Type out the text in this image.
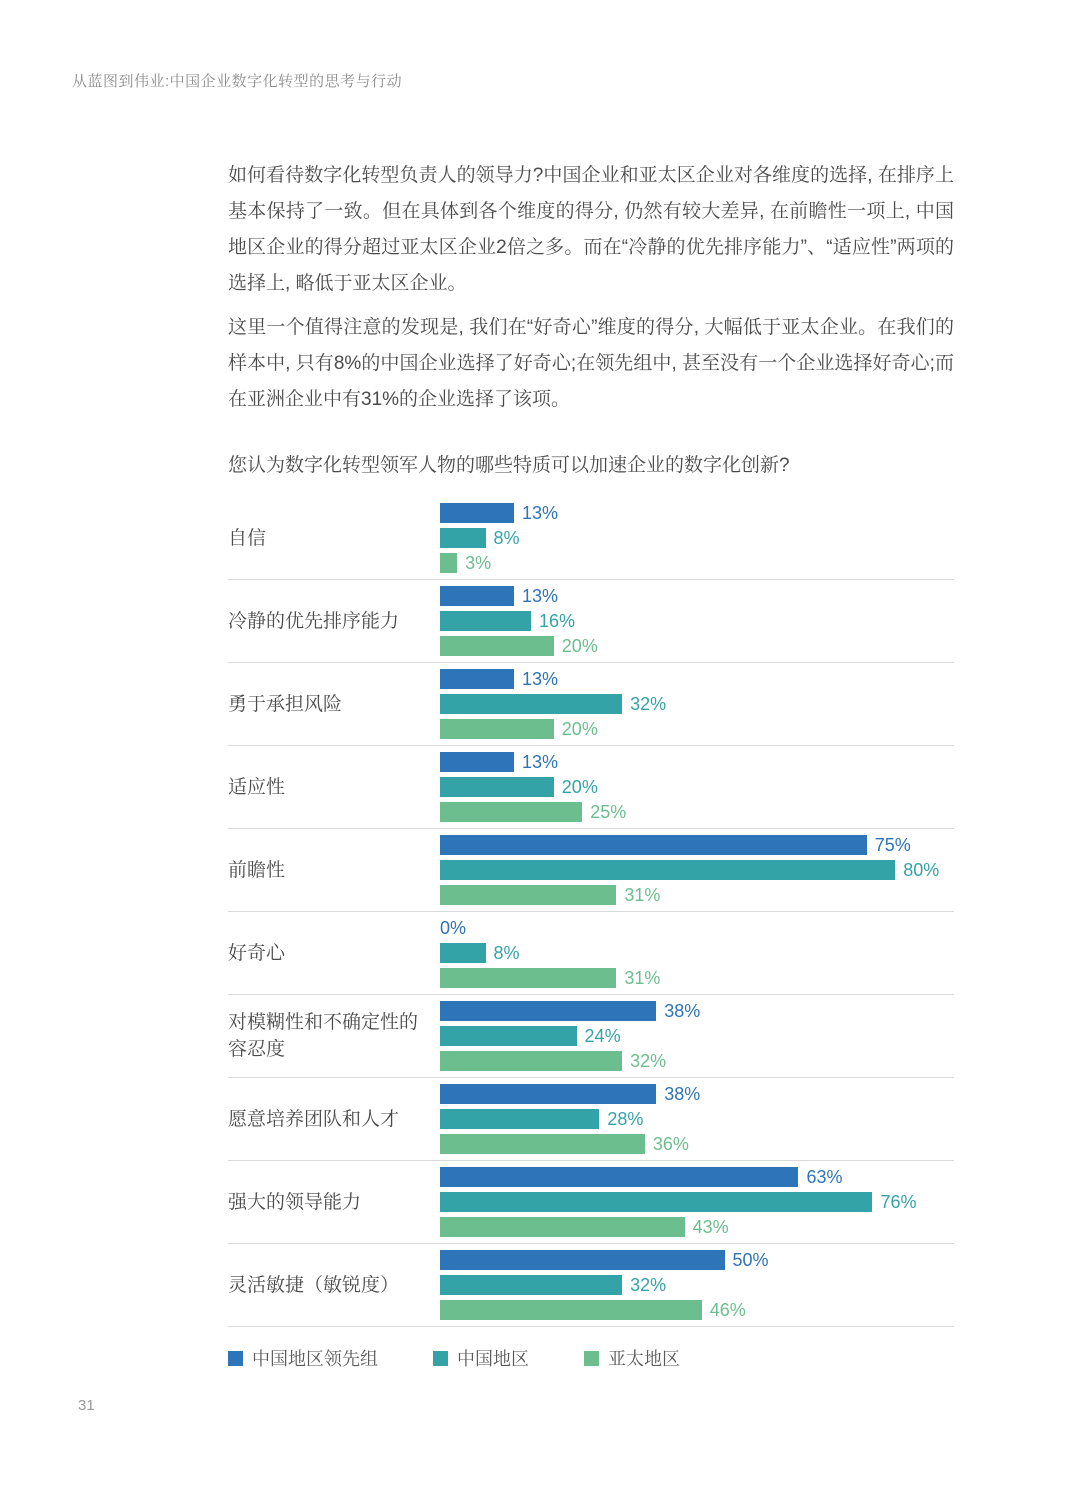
从蓝图到伟业:中国企业数字化转型的思考与行动

如何看待数字化转型负责人的领导力?中国企业和亚太区企业对各维度的选择, 在排序上基本保持了一致。但在具体到各个维度的得分, 仍然有较大差异, 在前瞻性一项上, 中国地区企业的得分超过亚太区企业2倍之多。而在“冷静的优先排序能力”、“适应性”两项的选择上, 略低于亚太区企业。

这里一个值得注意的发现是, 我们在“好奇心”维度的得分, 大幅低于亚太企业。在我们的样本中, 只有8%的中国企业选择了好奇心;在领先组中, 甚至没有一个企业选择好奇心;而在亚洲企业中有31%的企业选择了该项。

您认为数字化转型领军人物的哪些特质可以加速企业的数字化创新?
自信
13%
8%
3%
冷静的优先排序能力
13%
16%
20%
勇于承担风险
13%
32%
20%
适应性
13%
20%
25%
前瞻性
75%
80%
31%
好奇心
0%
8%
31%
对模糊性和不确定性的容忍度
38%
24%
32%
愿意培养团队和人才
38%
28%
36%
强大的领导能力
63%
76%
43%
灵活敏捷（敏锐度）
50%
32%
46%
中国地区领先组	中国地区	亚太地区
31
